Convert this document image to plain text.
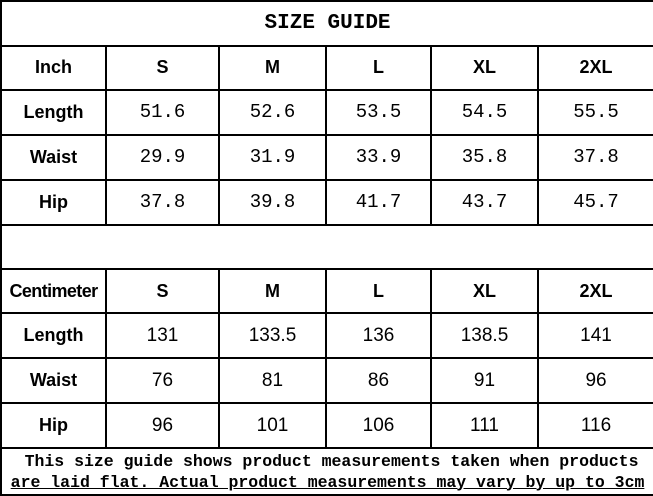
SIZE GUIDE					
Inch	S	M	L	XL	2XL
Length	51.6	52.6	53.5	54.5	55.5
Waist	29.9	31.9	33.9	35.8	37.8
Hip	37.8	39.8	41.7	43.7	45.7

Centimeter	S	M	L	XL	2XL
Length	131	133.5	136	138.5	141
Waist	76	81	86	91	96
Hip	96	101	106	111	116

This size guide shows product measurements taken when products
are laid flat. Actual product measurements may vary by up to 3cm					
